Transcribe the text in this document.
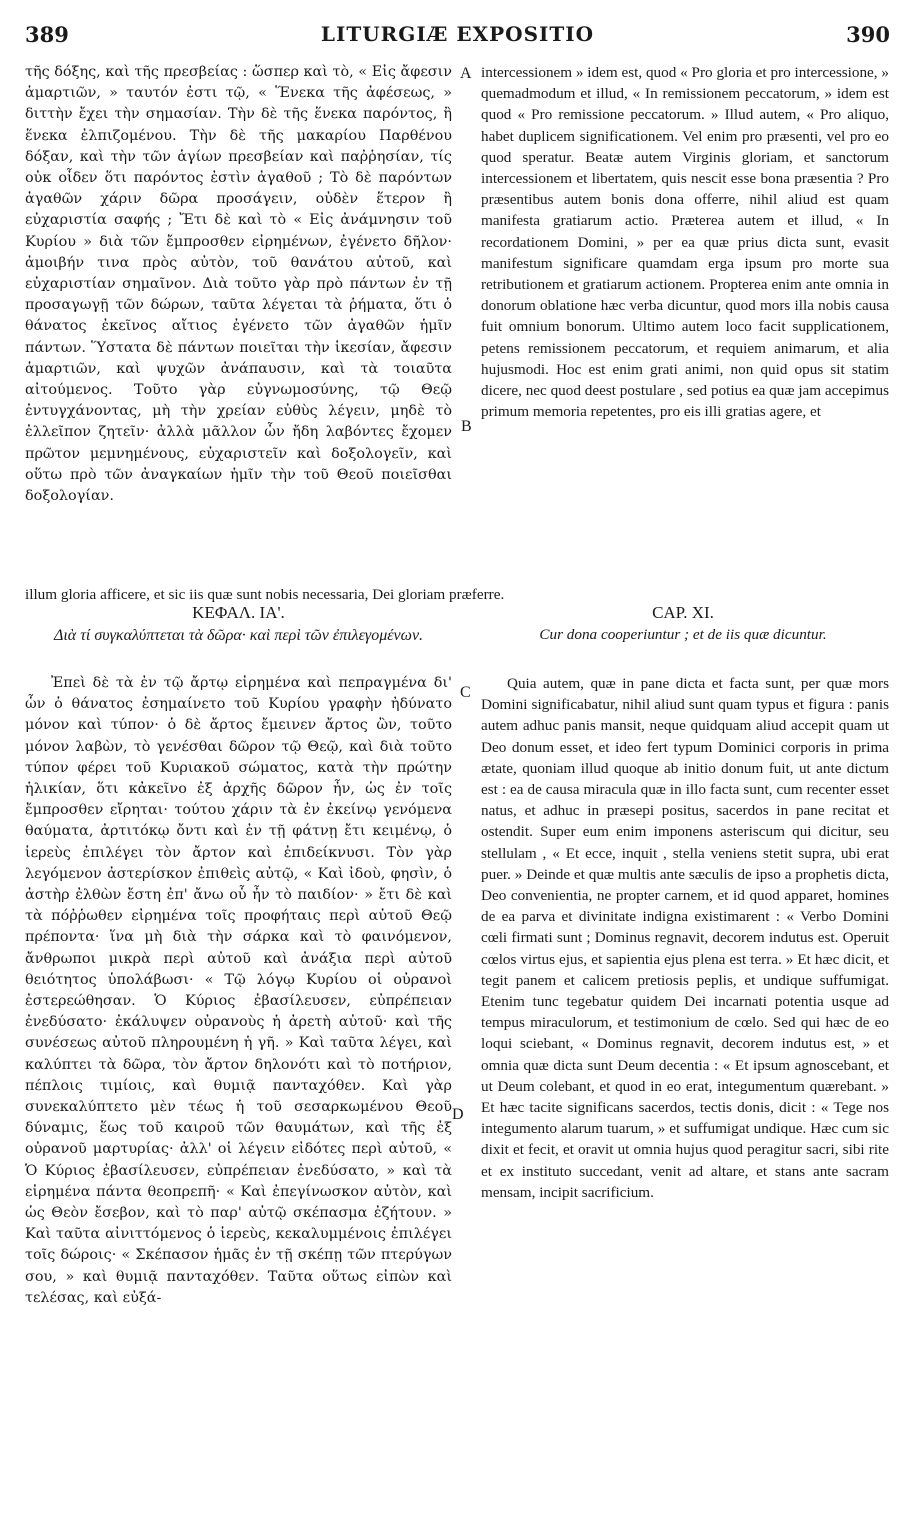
389	LITURGIÆ EXPOSITIO	390
A
B
C
D

τῆς δόξης, καὶ τῆς πρεσβείας : ὥσπερ καὶ τὸ, « Εἰς ἄφεσιν ἁμαρτιῶν, » ταυτόν ἐστι τῷ, « Ἕνεκα τῆς ἀφέσεως, » διττὴν ἔχει τὴν σημασίαν. Τὴν δὲ τῆς ἕνεκα παρόντος, ἢ ἕνεκα ἐλπιζομένου. Τὴν δὲ τῆς μακαρίου Παρθένου δόξαν, καὶ τὴν τῶν ἁγίων πρεσβείαν καὶ παῤῥησίαν, τίς οὐκ οἶδεν ὅτι παρόντος ἐστὶν ἀγαθοῦ ; Τὸ δὲ παρόντων ἀγαθῶν χάριν δῶρα προσάγειν, οὐδὲν ἕτερον ἢ εὐχαριστία σαφής ; Ἔτι δὲ καὶ τὸ « Εἰς ἀνάμνησιν τοῦ Κυρίου » διὰ τῶν ἔμπροσθεν εἰρημένων, ἐγένετο δῆλον· ἀμοιβήν τινα πρὸς αὐτὸν, τοῦ θανάτου αὐτοῦ, καὶ εὐχαριστίαν σημαῖνον. Διὰ τοῦτο γὰρ πρὸ πάντων ἐν τῇ προσαγωγῇ τῶν δώρων, ταῦτα λέγεται τὰ ῥήματα, ὅτι ὁ θάνατος ἐκεῖνος αἴτιος ἐγένετο τῶν ἀγαθῶν ἡμῖν πάντων. Ὕστατα δὲ πάντων ποιεῖται τὴν ἱκεσίαν, ἄφεσιν ἁμαρτιῶν, καὶ ψυχῶν ἀνάπαυσιν, καὶ τὰ τοιαῦτα αἰτούμενος. Τοῦτο γὰρ εὐγνωμοσύνης, τῷ Θεῷ ἐντυγχάνοντας, μὴ τὴν χρείαν εὐθὺς λέγειν, μηδὲ τὸ ἐλλεῖπον ζητεῖν· ἀλλὰ μᾶλλον ὧν ἤδη λαβόντες ἔχομεν πρῶτον μεμνημένους, εὐχαριστεῖν καὶ δοξολογεῖν, καὶ οὕτω πρὸ τῶν ἀναγκαίων ἡμῖν τὴν τοῦ Θεοῦ ποιεῖσθαι δοξολογίαν.

intercessionem » idem est, quod « Pro gloria et pro intercessione, » quemadmodum et illud, « In remissionem peccatorum, » idem est quod « Pro remissione peccatorum. » Illud autem, « Pro aliquo, habet duplicem significationem. Vel enim pro præsenti, vel pro eo quod speratur. Beatæ autem Virginis gloriam, et sanctorum intercessionem et libertatem, quis nescit esse bona præsentia ? Pro præsentibus autem bonis dona offerre, nihil aliud est quam manifesta gratiarum actio. Præterea autem et illud, « In recordationem Domini, » per ea quæ prius dicta sunt, evasit manifestum significare quamdam erga ipsum pro morte sua retributionem et gratiarum actionem. Propterea enim ante omnia in donorum oblatione hæc verba dicuntur, quod mors illa nobis causa fuit omnium bonorum. Ultimo autem loco facit supplicationem, petens remissionem peccatorum, et requiem animarum, et alia hujusmodi. Hoc est enim grati animi, non quid opus sit statim dicere, nec quod deest postulare , sed potius ea quæ jam accepimus primum memoria repetentes, pro eis illi gratias agere, et

illum gloria afficere, et sic iis quæ sunt nobis necessaria, Dei gloriam præferre.
ΚΕΦΑΛ. ΙΑ'.	CAP. XI.
Διὰ τί συγκαλύπτεται τὰ δῶρα· καὶ περὶ τῶν ἐπιλεγομένων.	Cur dona cooperiuntur ; et de iis quæ dicuntur.

Ἐπεὶ δὲ τὰ ἐν τῷ ἄρτῳ εἰρημένα καὶ πεπραγμένα δι' ὧν ὁ θάνατος ἐσημαίνετο τοῦ Κυρίου γραφὴν ἠδύνατο μόνον καὶ τύπον· ὁ δὲ ἄρτος ἔμεινεν ἄρτος ὢν, τοῦτο μόνον λαβὼν, τὸ γενέσθαι δῶρον τῷ Θεῷ, καὶ διὰ τοῦτο τύπον φέρει τοῦ Κυριακοῦ σώματος, κατὰ τὴν πρώτην ἡλικίαν, ὅτι κἀκεῖνο ἐξ ἀρχῆς δῶρον ἦν, ὡς ἐν τοῖς ἔμπροσθεν εἴρηται· τούτου χάριν τὰ ἐν ἐκείνῳ γενόμενα θαύματα, ἀρτιτόκῳ ὄντι καὶ ἐν τῇ φάτνῃ ἔτι κειμένῳ, ὁ ἱερεὺς ἐπιλέγει τὸν ἄρτον καὶ ἐπιδείκνυσι. Τὸν γὰρ λεγόμενον ἀστερίσκον ἐπιθεὶς αὐτῷ, « Καὶ ἰδοὺ, φησὶν, ὁ ἀστὴρ ἐλθὼν ἔστη ἐπ' ἄνω οὗ ἦν τὸ παιδίον· » ἔτι δὲ καὶ τὰ πόῤῥωθεν εἰρημένα τοῖς προφήταις περὶ αὐτοῦ Θεῷ πρέποντα· ἵνα μὴ διὰ τὴν σάρκα καὶ τὸ φαινόμενον, ἄνθρωποι μικρὰ περὶ αὐτοῦ καὶ ἀνάξια περὶ αὐτοῦ θειότητος ὑπολάβωσι· « Τῷ λόγῳ Κυρίου οἱ οὐρανοὶ ἐστερεώθησαν. Ὁ Κύριος ἐβασίλευσεν, εὐπρέπειαν ἐνεδύσατο· ἐκάλυψεν οὐρανοὺς ἡ ἀρετὴ αὐτοῦ· καὶ τῆς συνέσεως αὐτοῦ πληρουμένη ἡ γῆ. » Καὶ ταῦτα λέγει, καὶ καλύπτει τὰ δῶρα, τὸν ἄρτον δηλονότι καὶ τὸ ποτήριον, πέπλοις τιμίοις, καὶ θυμιᾷ πανταχόθεν. Καὶ γὰρ συνεκαλύπτετο μὲν τέως ἡ τοῦ σεσαρκωμένου Θεοῦ δύναμις, ἕως τοῦ καιροῦ τῶν θαυμάτων, καὶ τῆς ἐξ οὐρανοῦ μαρτυρίας· ἀλλ' οἱ λέγειν εἰδότες περὶ αὐτοῦ, « Ὁ Κύριος ἐβασίλευσεν, εὐπρέπειαν ἐνεδύσατο, » καὶ τὰ εἰρημένα πάντα θεοπρεπῆ· « Καὶ ἐπεγίνωσκον αὐτὸν, καὶ ὡς Θεὸν ἔσεβον, καὶ τὸ παρ' αὐτῷ σκέπασμα ἐζήτουν. » Καὶ ταῦτα αἰνιττόμενος ὁ ἱερεὺς, κεκαλυμμένοις ἐπιλέγει τοῖς δώροις· « Σκέπασον ἡμᾶς ἐν τῇ σκέπῃ τῶν πτερύγων σου, » καὶ θυμιᾷ πανταχόθεν. Ταῦτα οὕτως εἰπὼν καὶ τελέσας, καὶ εὐξά-

Quia autem, quæ in pane dicta et facta sunt, per quæ mors Domini significabatur, nihil aliud sunt quam typus et figura : panis autem adhuc panis mansit, neque quidquam aliud accepit quam ut Deo donum esset, et ideo fert typum Dominici corporis in prima ætate, quoniam illud quoque ab initio donum fuit, ut ante dictum est : ea de causa miracula quæ in illo facta sunt, cum recenter esset natus, et adhuc in præsepi positus, sacerdos in pane recitat et ostendit. Super eum enim imponens asteriscum qui dicitur, seu stellulam , « Et ecce, inquit , stella veniens stetit supra, ubi erat puer. » Deinde et quæ multis ante sæculis de ipso a prophetis dicta, Deo convenientia, ne propter carnem, et id quod apparet, homines de ea parva et divinitate indigna existimarent : « Verbo Domini cœli firmati sunt ; Dominus regnavit, decorem indutus est. Operuit cœlos virtus ejus, et sapientia ejus plena est terra. » Et hæc dicit, et tegit panem et calicem pretiosis peplis, et undique suffumigat. Etenim tunc tegebatur quidem Dei incarnati potentia usque ad tempus miraculorum, et testimonium de cœlo. Sed qui hæc de eo loqui sciebant, « Dominus regnavit, decorem indutus est, » et omnia quæ dicta sunt Deum decentia : « Et ipsum agnoscebant, et ut Deum colebant, et quod in eo erat, integumentum quærebant. » Et hæc tacite significans sacerdos, tectis donis, dicit : « Tege nos integumento alarum tuarum, » et suffumigat undique. Hæc cum sic dixit et fecit, et oravit ut omnia hujus quod peragitur sacri, sibi rite et ex instituto succedant, venit ad altare, et stans ante sacram mensam, incipit sacrificium.
